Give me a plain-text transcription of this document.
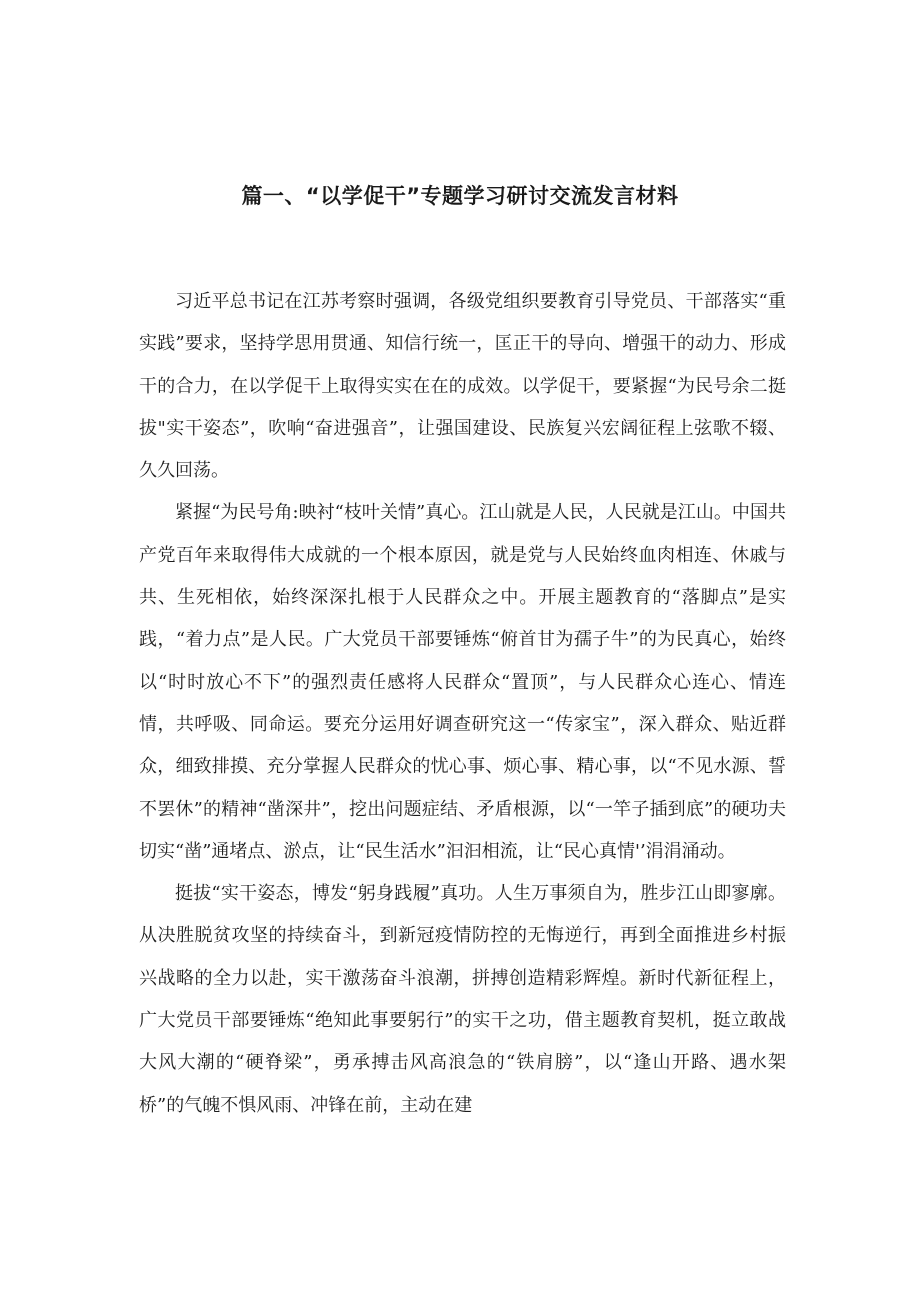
篇一、“以学促干”专题学习研讨交流发言材料

习近平总书记在江苏考察时强调，各级党组织要教育引导党员、干部落实“重实践”要求，坚持学思用贯通、知信行统一，匡正干的导向、增强干的动力、形成干的合力，在以学促干上取得实实在在的成效。以学促干，要紧握“为民号余二挺拔"实干姿态”，吹响“奋进强音”，让强国建设、民族复兴宏阔征程上弦歌不辍、久久回荡。

紧握“为民号角:映衬“枝叶关情”真心。江山就是人民，人民就是江山。中国共产党百年来取得伟大成就的一个根本原因，就是党与人民始终血肉相连、休戚与共、生死相依，始终深深扎根于人民群众之中。开展主题教育的“落脚点”是实践，“着力点”是人民。广大党员干部要锤炼“俯首甘为孺子牛”的为民真心，始终以“时时放心不下”的强烈责任感将人民群众“置顶”，与人民群众心连心、情连情，共呼吸、同命运。要充分运用好调查研究这一“传家宝”，深入群众、贴近群众，细致排摸、充分掌握人民群众的忧心事、烦心事、精心事，以“不见水源、誓不罢休”的精神“凿深井”，挖出问题症结、矛盾根源，以“一竿子插到底”的硬功夫切实“凿”通堵点、淤点，让“民生活水”汩汩相流，让“民心真情'’涓涓涌动。

挺拔“实干姿态，博发“躬身践履”真功。人生万事须自为，胜步江山即寥廓。从决胜脱贫攻坚的持续奋斗，到新冠疫情防控的无悔逆行，再到全面推进乡村振兴战略的全力以赴，实干激荡奋斗浪潮，拼搏创造精彩辉煌。新时代新征程上，广大党员干部要锤炼“绝知此事要躬行”的实干之功，借主题教育契机，挺立敢战大风大潮的“硬脊梁”，勇承搏击风高浪急的“铁肩膀”，以“逢山开路、遇水架桥”的气魄不惧风雨、冲锋在前，主动在建
